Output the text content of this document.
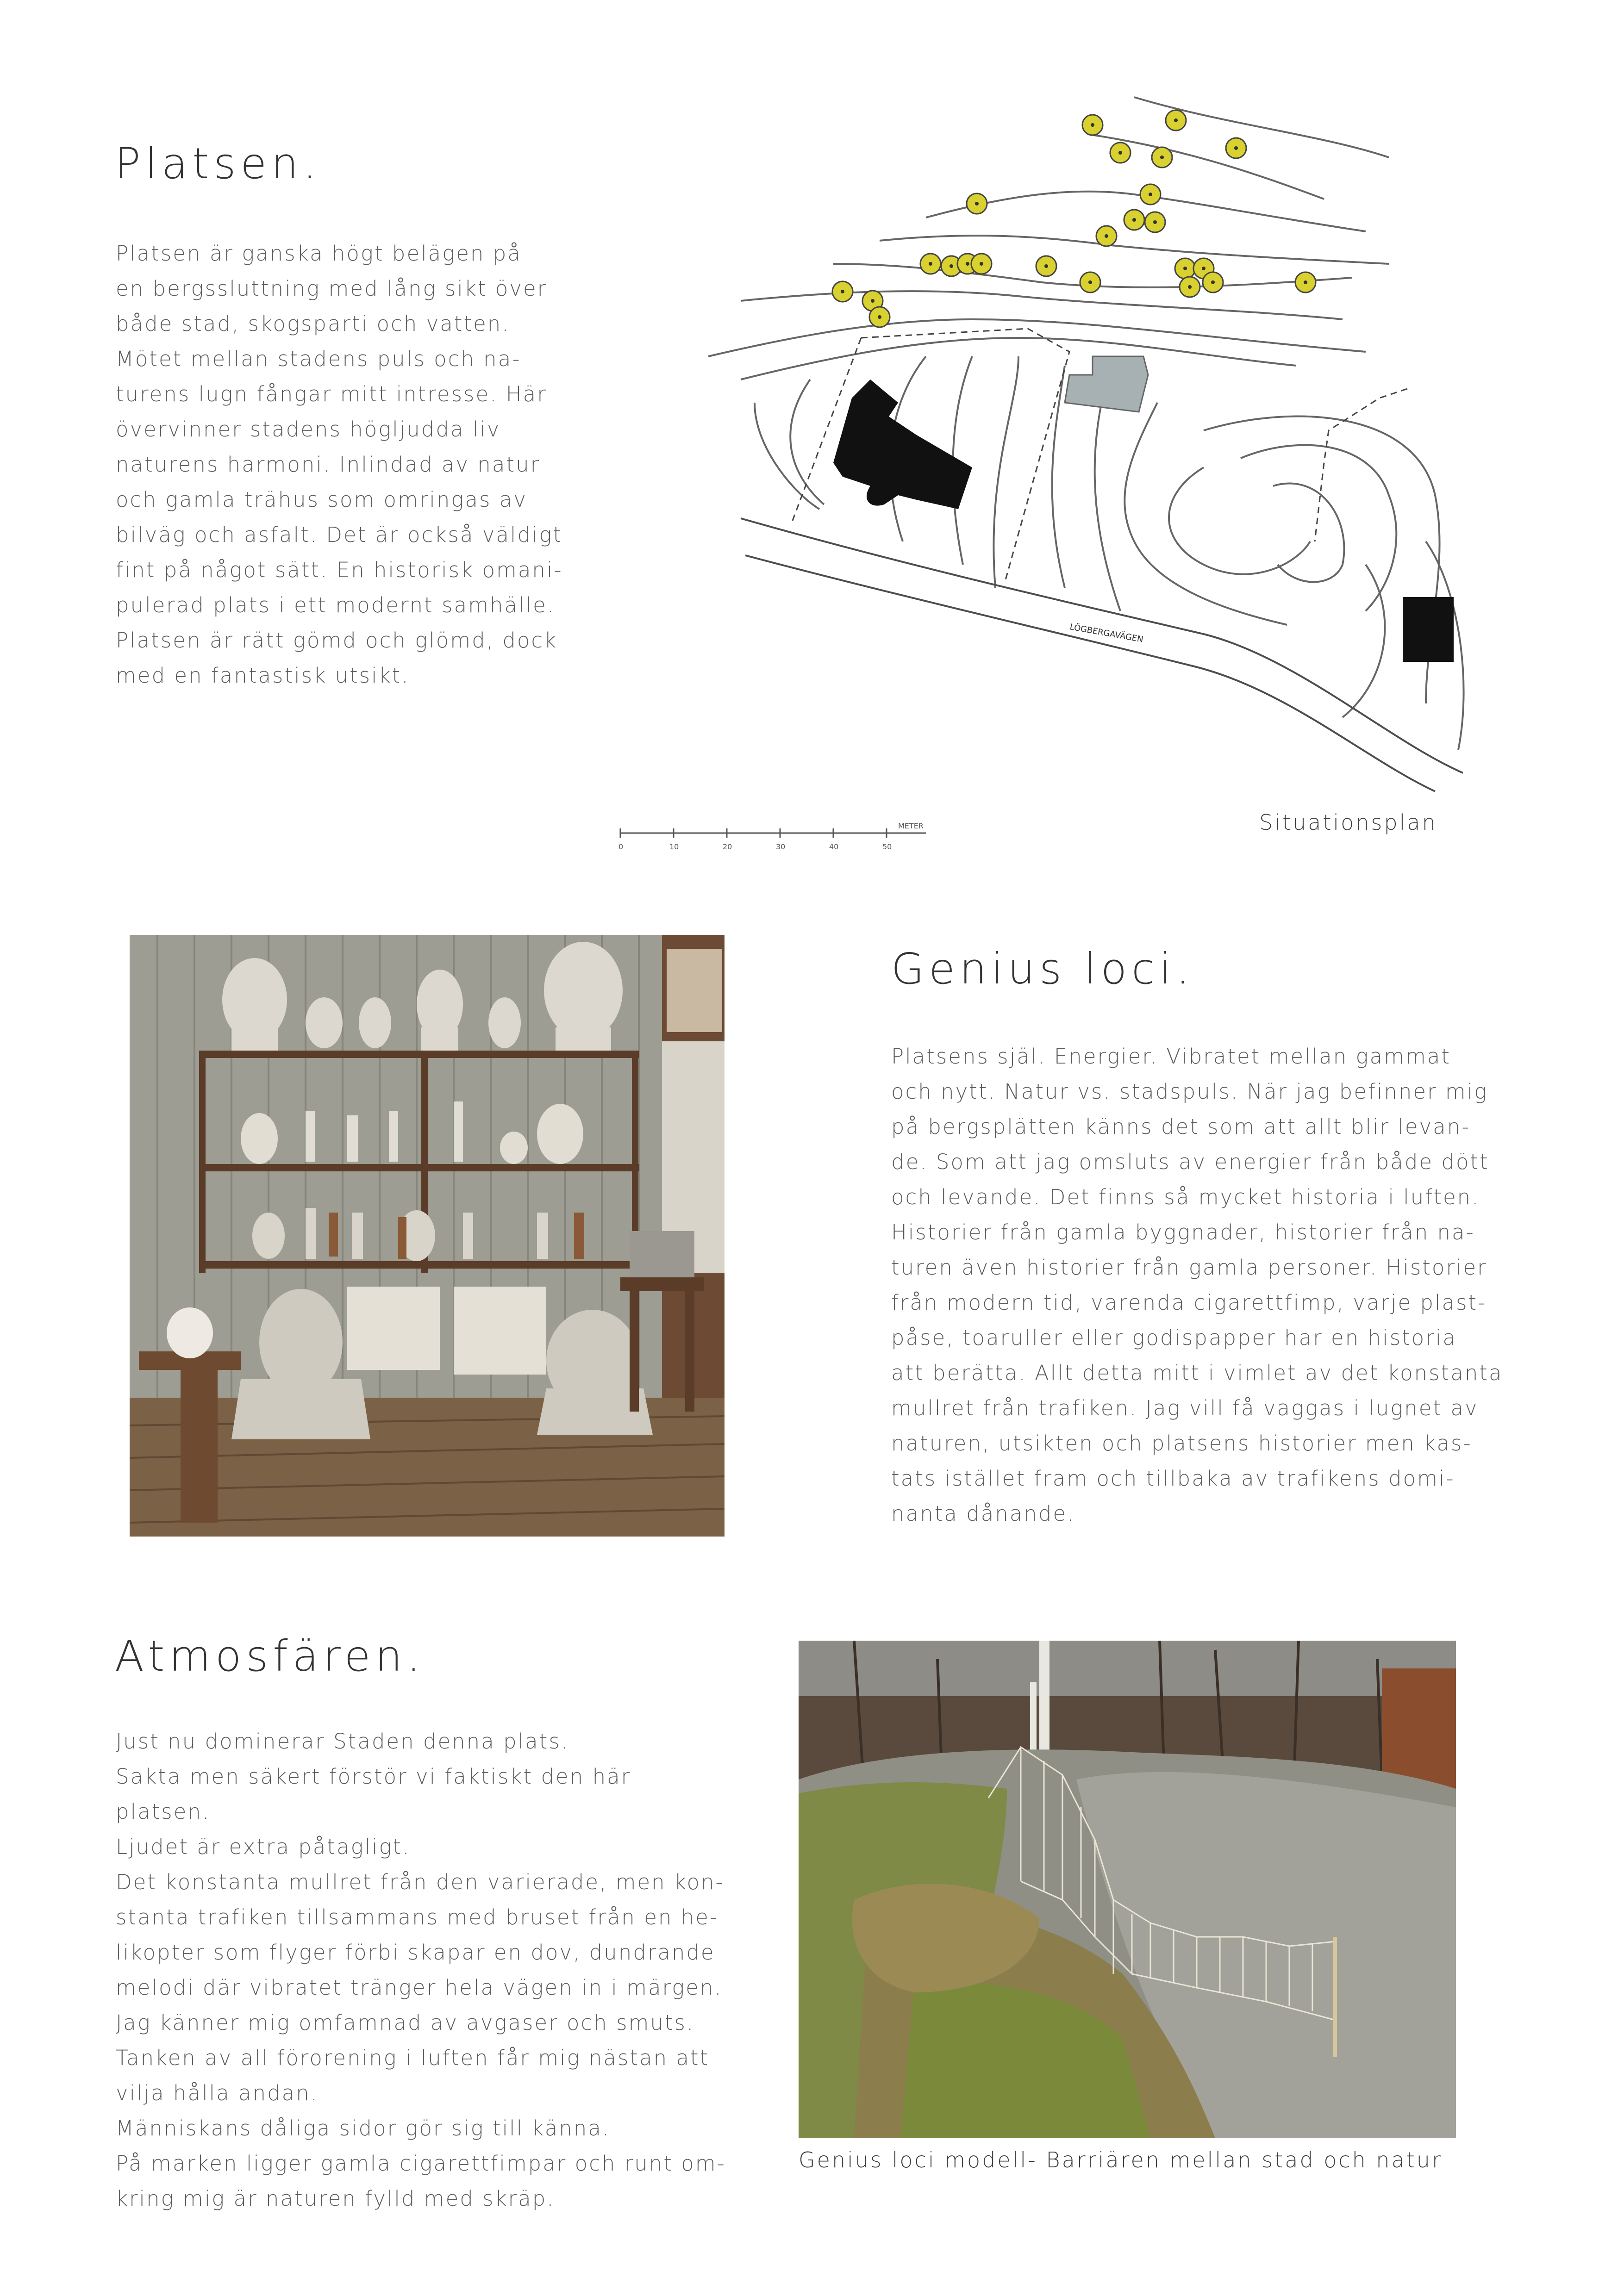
Platsen.

Platsen är ganska högt belägen på

en bergssluttning med lång sikt över

både stad, skogsparti och vatten.

Mötet mellan stadens puls och na-

turens lugn fångar mitt intresse. Här

övervinner stadens högljudda liv

naturens harmoni. Inlindad av natur

och gamla trähus som omringas av

bilväg och asfalt. Det är också väldigt

fint på något sätt. En historisk omani-

pulerad plats i ett modernt samhälle.

Platsen är rätt gömd och glömd, dock

med en fantastisk utsikt.

LÖGBERGAVÄGEN
0	10	20	30	40	50
METER	Situationsplan

Genius loci.

Platsens själ. Energier. Vibratet mellan gammat

och nytt. Natur vs. stadspuls. När jag befinner mig

på bergsplätten känns det som att allt blir levan-

de. Som att jag omsluts av energier från både dött

och levande. Det finns så mycket historia i luften.

Historier från gamla byggnader, historier från na-

turen även historier från gamla personer. Historier

från modern tid, varenda cigarettfimp, varje plast-

påse, toaruller eller godispapper har en historia

att berätta. Allt detta mitt i vimlet av det konstanta

mullret från trafiken. Jag vill få vaggas i lugnet av

naturen, utsikten och platsens historier men kas-

tats istället fram och tillbaka av trafikens domi-

nanta dånande.

Atmosfären.

Just nu dominerar Staden denna plats.

Sakta men säkert förstör vi faktiskt den här platsen.

Ljudet är extra påtagligt.

Det konstanta mullret från den varierade, men kon-

stanta trafiken tillsammans med bruset från en he-

likopter som flyger förbi skapar en dov, dundrande

melodi där vibratet tränger hela vägen in i märgen.

Jag känner mig omfamnad av avgaser och smuts.

Tanken av all förorening i luften får mig nästan att

vilja hålla andan.

Människans dåliga sidor gör sig till känna.

På marken ligger gamla cigarettfimpar och runt om-

kring mig är naturen fylld med skräp.

Genius loci modell- Barriären mellan stad och natur
